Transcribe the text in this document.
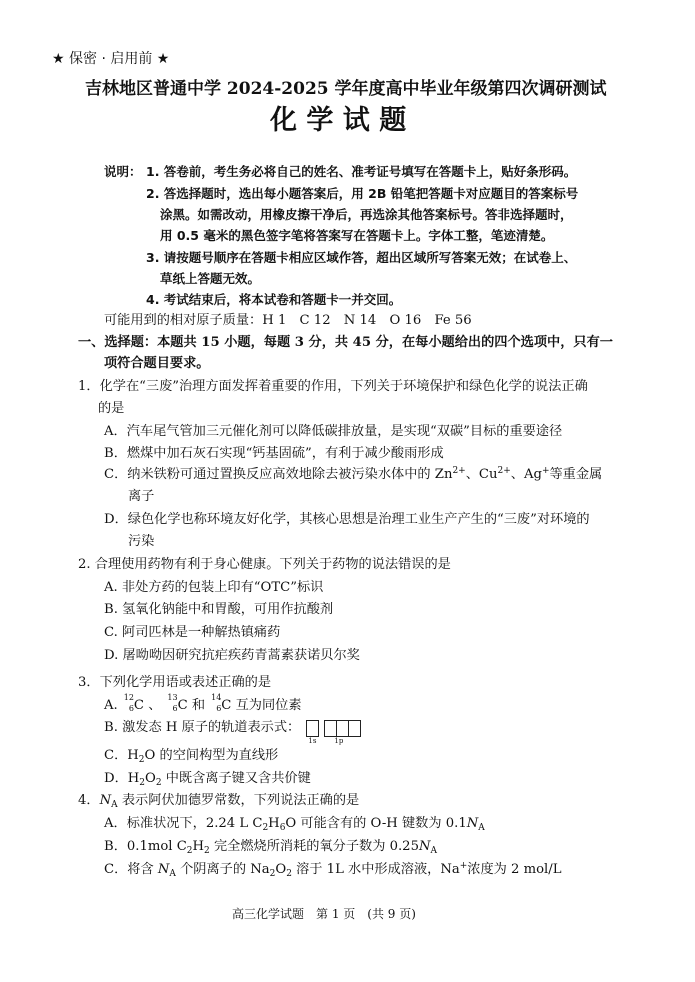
★ 保密 · 启用前 ★
吉林地区普通中学 2024-2025 学年度高中毕业年级第四次调研测试
化 学 试 题
说明： 1. 答卷前，考生务必将自己的姓名、准考证号填写在答题卡上，贴好条形码。
2. 答选择题时，选出每小题答案后，用 2B 铅笔把答题卡对应题目的答案标号
涂黑。如需改动，用橡皮擦干净后，再选涂其他答案标号。答非选择题时，
用 0.5 毫米的黑色签字笔将答案写在答题卡上。字体工整，笔迹清楚。
3. 请按题号顺序在答题卡相应区域作答，超出区域所写答案无效；在试卷上、
草纸上答题无效。
4. 考试结束后，将本试卷和答题卡一并交回。
可能用到的相对原子质量：H 1　C 12　N 14　O 16　Fe 56
一、选择题：本题共 15 小题，每题 3 分，共 45 分，在每小题给出的四个选项中，只有一
项符合题目要求。
1．化学在“三废”治理方面发挥着重要的作用，下列关于环境保护和绿色化学的说法正确
的是
A．汽车尾气管加三元催化剂可以降低碳排放量，是实现“双碳”目标的重要途径
B．燃煤中加石灰石实现“钙基固硫”，有利于减少酸雨形成
C．纳米铁粉可通过置换反应高效地除去被污染水体中的 $Zn^{2+}$、$Cu^{2+}$、Ag+等重金属
离子
D．绿色化学也称环境友好化学，其核心思想是治理工业生产产生的“三废”对环境的
污染
2. 合理使用药物有利于身心健康。下列关于药物的说法错误的是
A. 非处方药的包装上印有“OTC”标识
B. 氢氧化钠能中和胃酸，可用作抗酸剂
C. 阿司匹林是一种解热镇痛药
D. 屠呦呦因研究抗疟疾药青蒿素获诺贝尔奖
3．下列化学用语或表述正确的是
A.
12
6 C 、
13
6 C 和
14
6 C 互为同位素
B. 激发态 H 原子的轨道表示式：
1s	1p
C．$H_2O$ 的空间构型为直线形
D．$H_2O_2$ 中既含离子键又含共价键
4．$N_A$ 表示阿伏加德罗常数，下列说法正确的是
A．标准状况下，2.24 L $C_2H_6O$ 可能含有的 O-H 键数为 $0.1N_A$
B．0.1mol $C_2H_2$ 完全燃烧所消耗的氧分子数为 $0.25N_A$
C．将含 $N_A$ 个阴离子的 $Na_2O_2$ 溶于 1L 水中形成溶液，Na+浓度为 2 mol/L
高三化学试题　第 1 页　(共 9 页)
